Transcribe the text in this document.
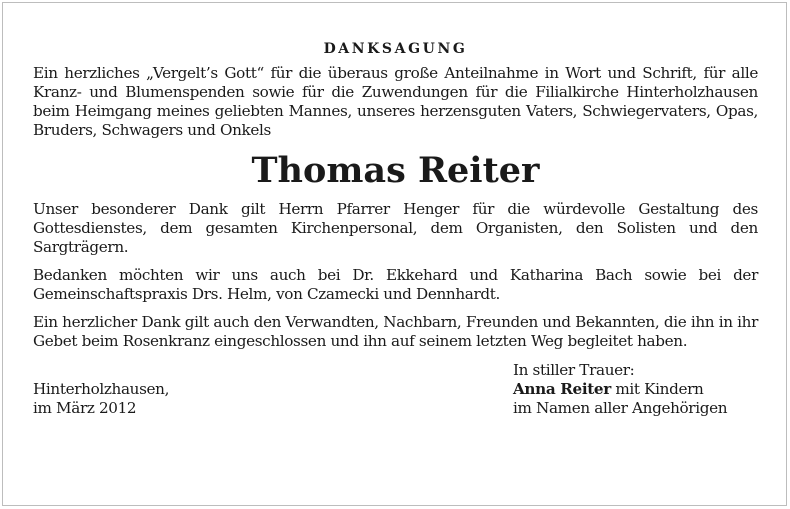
DANKSAGUNG

Ein herzliches „Vergelt’s Gott“ für die überaus große Anteilnahme in Wort und Schrift, für alle Kranz- und Blumenspenden sowie für die Zuwendungen für die Filialkirche Hinterholzhausen beim Heimgang meines geliebten Mannes, unseres herzensguten Vaters, Schwiegervaters, Opas, Bruders, Schwagers und Onkels

Thomas Reiter

Unser besonderer Dank gilt Herrn Pfarrer Henger für die würdevolle Gestaltung des Gottesdienstes, dem gesamten Kirchenpersonal, dem Organisten, den Solisten und den Sargträgern.

Bedanken möchten wir uns auch bei Dr. Ekkehard und Katharina Bach sowie bei der Gemeinschaftspraxis Drs. Helm, von Czamecki und Dennhardt.

Ein herzlicher Dank gilt auch den Verwandten, Nachbarn, Freunden und Bekannten, die ihn in ihr Gebet beim Rosenkranz eingeschlossen und ihn auf seinem letzten Weg begleitet haben.

Hinterholzhausen,
im März 2012
In stiller Trauer:
Anna Reiter mit Kindern
im Namen aller Angehörigen
